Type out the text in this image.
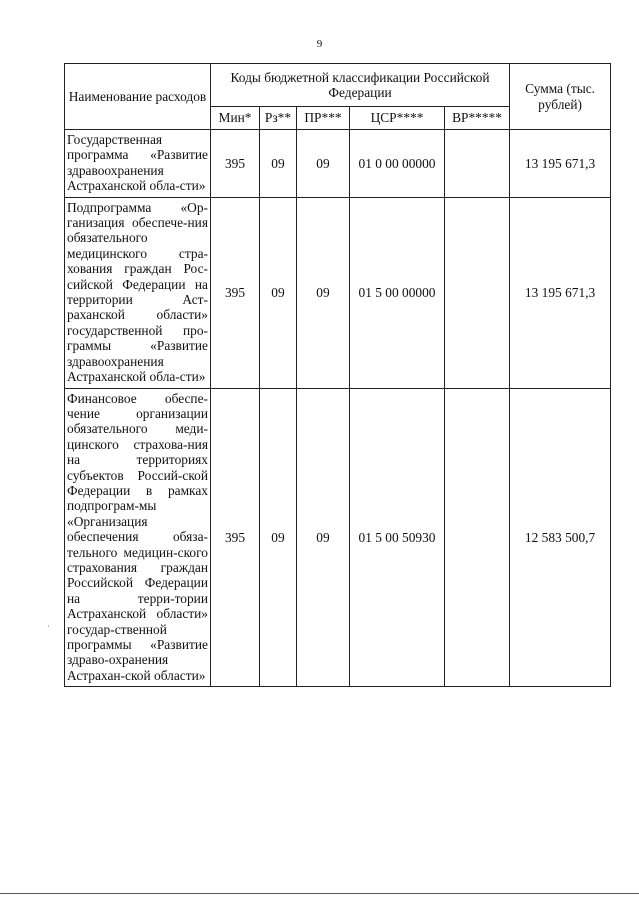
9
Наименование расходов	Коды бюджетной классификации Российской Федерации					Сумма (тыс. рублей)
	Мин*	Рз**	ПР***	ЦСР****	ВР*****	
Государственная программа «Развитие здравоохранения Астраханской обла-сти»	395	09	09	01 0 00 00000		13 195 671,3
Подпрограмма «Ор-ганизация обеспече-ния обязательного медицинского стра-хования граждан Рос-сийской Федерации на территории Аст-раханской области» государственной про-граммы «Развитие здравоохранения Астраханской обла-сти»	395	09	09	01 5 00 00000		13 195 671,3
Финансовое обеспе-чение организации обязательного меди-цинского страхова-ния на территориях субъектов Россий-ской Федерации в рамках подпрограм-мы «Организация обеспечения обяза-тельного медицин-ского страхования граждан Российской Федерации на терри-тории Астраханской области» государ-ственной программы «Развитие здраво-охранения Астрахан-ской области»	395	09	09	01 5 00 50930		12 583 500,7
·
